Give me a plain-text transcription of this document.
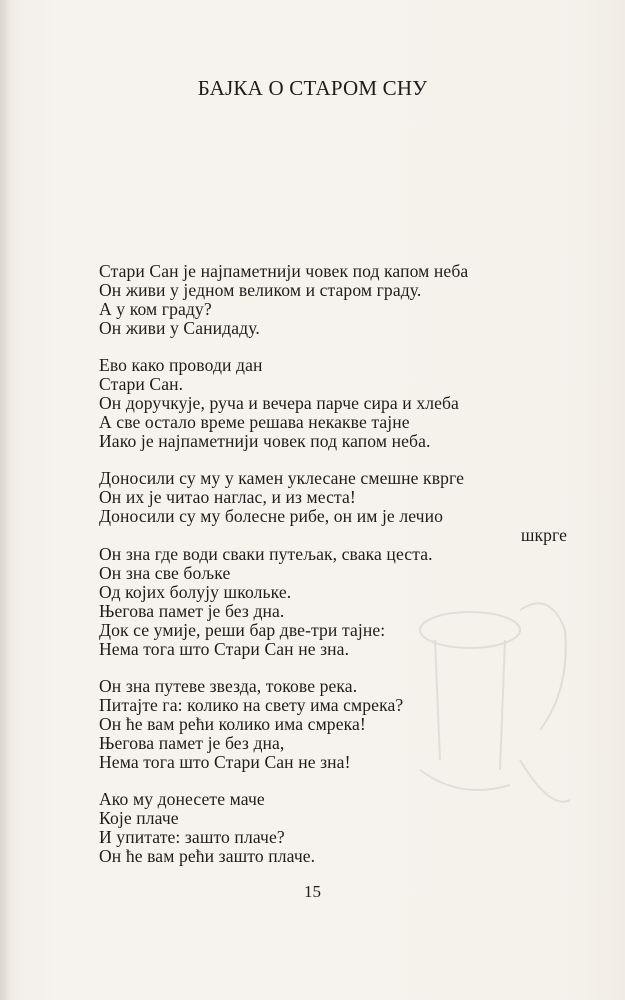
БАЈКА О СТАРОМ СНУ
Стари Сан је најпаметнији човек под капом неба
Он живи у једном великом и старом граду.
А у ком граду?
Он живи у Санидаду.
Ево како проводи дан
Стари Сан.
Он доручкује, руча и вечера парче сира и хлеба
А све остало време решава некакве тајне
Иако је најпаметнији човек под капом неба.
Доносили су му у камен уклесане смешне кврге
Он их је читао наглас, и из места!
Доносили су му болесне рибе, он им је лечио
шкрге
Он зна где води сваки путељак, свака цеста.
Он зна све бољке
Од којих болују школьке.
Његова памет је без дна.
Док се умије, реши бар две-три тајне:
Нема тога што Стари Сан не зна.
Он зна путеве звезда, токове река.
Питајте га: колико на свету има смрека?
Он ће вам рећи колико има смрека!
Његова памет је без дна,
Нема тога што Стари Сан не зна!
Ако му донесете маче
Које плаче
И упитате: зашто плаче?
Он ће вам рећи зашто плаче.
15
